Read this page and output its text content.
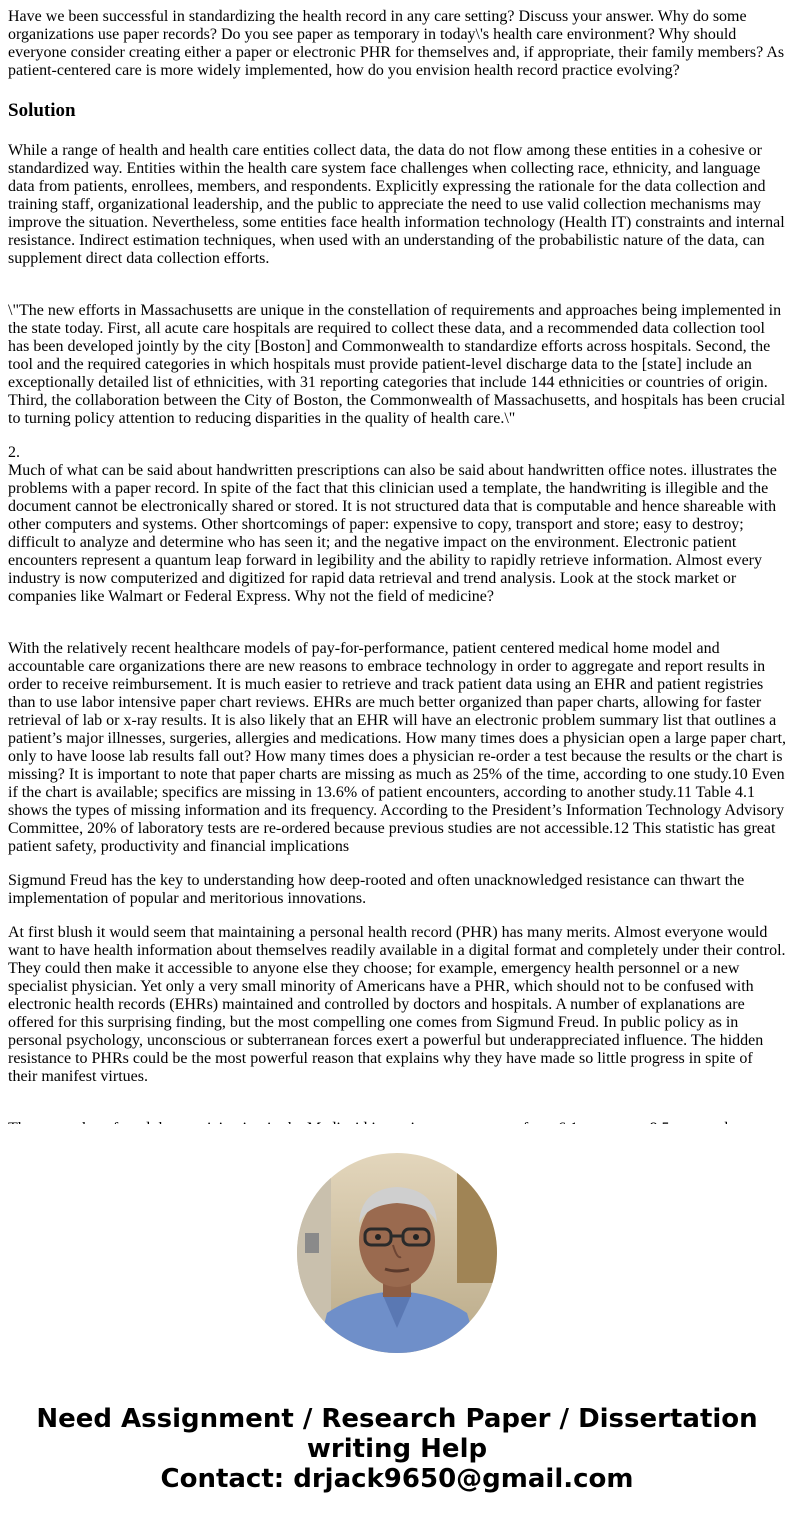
Have we been successful in standardizing the health record in any care setting? Discuss your answer. Why do some organizations use paper records? Do you see paper as temporary in today\'s health care environment? Why should everyone consider creating either a paper or electronic PHR for themselves and, if appropriate, their family members? As patient-centered care is more widely implemented, how do you envision health record practice evolving?

Solution

While a range of health and health care entities collect data, the data do not flow among these entities in a cohesive or standardized way. Entities within the health care system face challenges when collecting race, ethnicity, and language data from patients, enrollees, members, and respondents. Explicitly expressing the rationale for the data collection and training staff, organizational leadership, and the public to appreciate the need to use valid collection mechanisms may improve the situation. Nevertheless, some entities face health information technology (Health IT) constraints and internal resistance. Indirect estimation techniques, when used with an understanding of the probabilistic nature of the data, can supplement direct data collection efforts.

\"The new efforts in Massachusetts are unique in the constellation of requirements and approaches being implemented in the state today. First, all acute care hospitals are required to collect these data, and a recommended data collection tool has been developed jointly by the city [Boston] and Commonwealth to standardize efforts across hospitals. Second, the tool and the required categories in which hospitals must provide patient-level discharge data to the [state] include an exceptionally detailed list of ethnicities, with 31 reporting categories that include 144 ethnicities or countries of origin. Third, the collaboration between the City of Boston, the Commonwealth of Massachusetts, and hospitals has been crucial to turning policy attention to reducing disparities in the quality of health care.\"

2.

Much of what can be said about handwritten prescriptions can also be said about handwritten office notes. illustrates the problems with a paper record. In spite of the fact that this clinician used a template, the handwriting is illegible and the document cannot be electronically shared or stored. It is not structured data that is computable and hence shareable with other computers and systems. Other shortcomings of paper: expensive to copy, transport and store; easy to destroy; difficult to analyze and determine who has seen it; and the negative impact on the environment. Electronic patient encounters represent a quantum leap forward in legibility and the ability to rapidly retrieve information. Almost every industry is now computerized and digitized for rapid data retrieval and trend analysis. Look at the stock market or companies like Walmart or Federal Express. Why not the field of medicine?

With the relatively recent healthcare models of pay-for-performance, patient centered medical home model and accountable care organizations there are new reasons to embrace technology in order to aggregate and report results in order to receive reimbursement. It is much easier to retrieve and track patient data using an EHR and patient registries than to use labor intensive paper chart reviews. EHRs are much better organized than paper charts, allowing for faster retrieval of lab or x-ray results. It is also likely that an EHR will have an electronic problem summary list that outlines a patient’s major illnesses, surgeries, allergies and medications. How many times does a physician open a large paper chart, only to have loose lab results fall out? How many times does a physician re-order a test because the results or the chart is missing? It is important to note that paper charts are missing as much as 25% of the time, according to one study.10 Even if the chart is available; specifics are missing in 13.6% of patient encounters, according to another study.11 Table 4.1 shows the types of missing information and its frequency. According to the President’s Information Technology Advisory Committee, 20% of laboratory tests are re-ordered because previous studies are not accessible.12 This statistic has great patient safety, productivity and financial implications

Sigmund Freud has the key to understanding how deep-rooted and often unacknowledged resistance can thwart the implementation of popular and meritorious innovations.

At first blush it would seem that maintaining a personal health record (PHR) has many merits. Almost everyone would want to have health information about themselves readily available in a digital format and completely under their control. They could then make it accessible to anyone else they choose; for example, emergency health personnel or a new specialist physician. Yet only a very small minority of Americans have a PHR, which should not to be confused with electronic health records (EHRs) maintained and controlled by doctors and hospitals. A number of explanations are offered for this surprising finding, but the most compelling one comes from Sigmund Freud. In public policy as in personal psychology, unconscious or subterranean forces exert a powerful but underappreciated influence. The hidden resistance to PHRs could be the most powerful reason that explains why they have made so little progress in spite of their manifest virtues.

Need Assignment / Research Paper / Dissertation
writing Help
Contact: drjack9650@gmail.com
